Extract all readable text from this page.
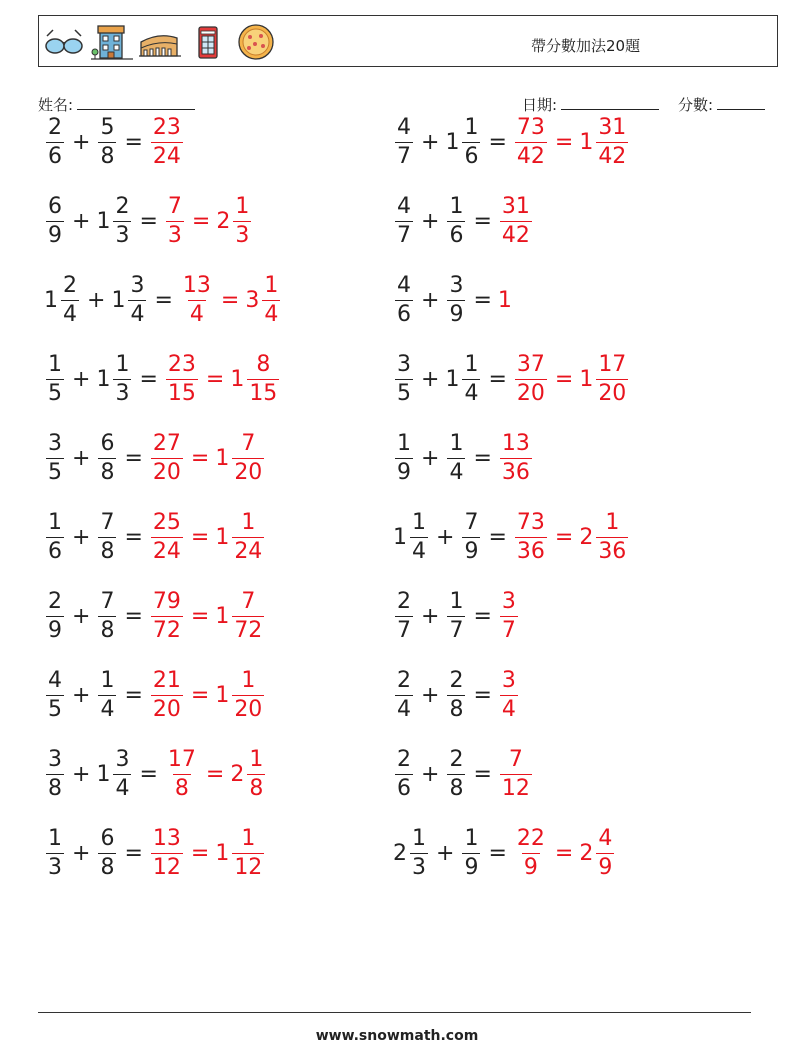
帶分數加法20題
姓名:	日期:	分數:
$\frac{2}{6} + \frac{5}{8} = \frac{23}{24}$	$\frac{4}{7} + 1 \frac{1}{6} = \frac{73}{42} = 1 \frac{31}{42}$
$\frac{6}{9} + 1 \frac{2}{3} = \frac{7}{3} = 2 \frac{1}{3}$	$\frac{4}{7} + \frac{1}{6} = \frac{31}{42}$
$1 \frac{2}{4} + 1 \frac{3}{4} = \frac{13}{4} = 3 \frac{1}{4}$	$\frac{4}{6} + \frac{3}{9} = 1$
$\frac{1}{5} + 1 \frac{1}{3} = \frac{23}{15} = 1 \frac{8}{15}$	$\frac{3}{5} + 1 \frac{1}{4} = \frac{37}{20} = 1 \frac{17}{20}$
$\frac{3}{5} + \frac{6}{8} = \frac{27}{20} = 1 \frac{7}{20}$	$\frac{1}{9} + \frac{1}{4} = \frac{13}{36}$
$\frac{1}{6} + \frac{7}{8} = \frac{25}{24} = 1 \frac{1}{24}$	$1 \frac{1}{4} + \frac{7}{9} = \frac{73}{36} = 2 \frac{1}{36}$
$\frac{2}{9} + \frac{7}{8} = \frac{79}{72} = 1 \frac{7}{72}$	$\frac{2}{7} + \frac{1}{7} = \frac{3}{7}$
$\frac{4}{5} + \frac{1}{4} = \frac{21}{20} = 1 \frac{1}{20}$	$\frac{2}{4} + \frac{2}{8} = \frac{3}{4}$
$\frac{3}{8} + 1 \frac{3}{4} = \frac{17}{8} = 2 \frac{1}{8}$	$\frac{2}{6} + \frac{2}{8} = \frac{7}{12}$
$\frac{1}{3} + \frac{6}{8} = \frac{13}{12} = 1 \frac{1}{12}$	$2 \frac{1}{3} + \frac{1}{9} = \frac{22}{9} = 2 \frac{4}{9}$
www.snowmath.com
